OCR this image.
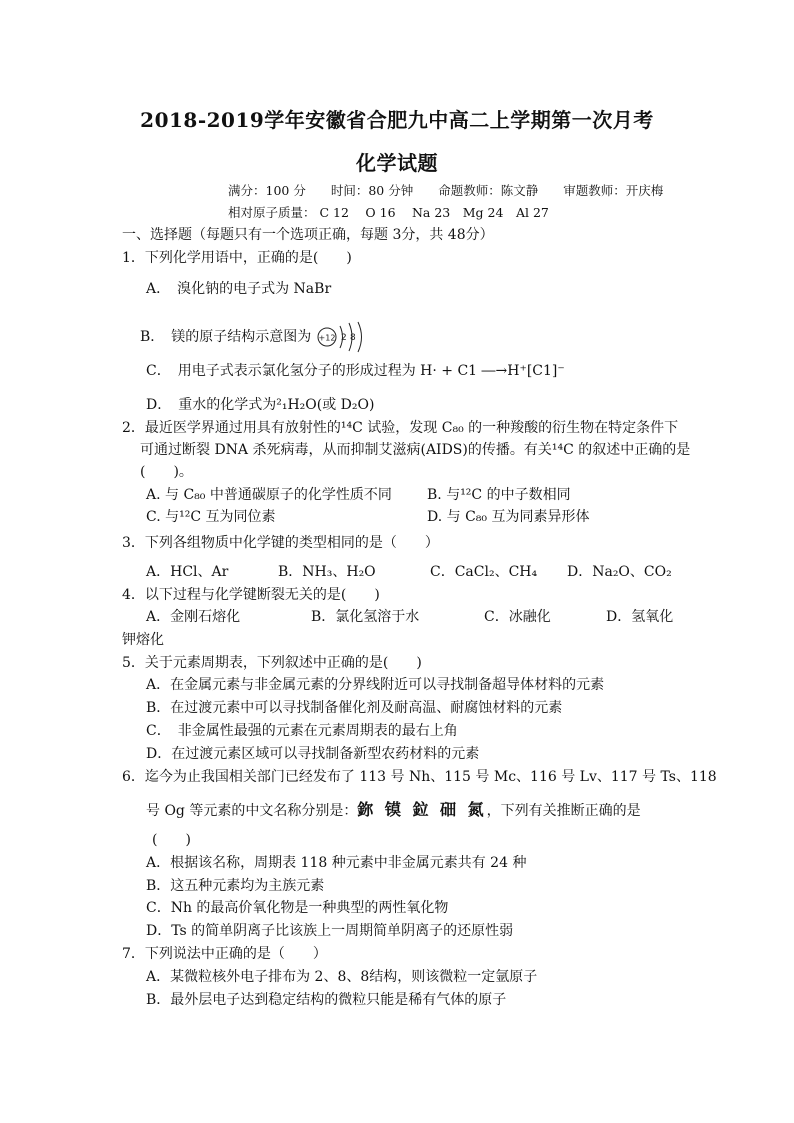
2018-2019学年安徽省合肥九中高二上学期第一次月考
化学试题
满分：100 分　　时间：80 分钟　　命题教师：陈文静　　审题教师：开庆梅
相对原子质量： C 12　 O 16　 Na 23　Mg 24　Al 27
一、选择题（每题只有一个选项正确，每题 3分，共 48分）
1．下列化学用语中，正确的是(　　)
A．　溴化钠的电子式为 NaBr
B．　镁的原子结构示意图为 +12 2 8
C．　用电子式表示氯化氢分子的形成过程为 H· + C1 ―→H⁺[C1]⁻
D．　重水的化学式为²₁H₂O(或 D₂O)
2．最近医学界通过用具有放射性的¹⁴C 试验，发现 C₈₀ 的一种羧酸的衍生物在特定条件下
可通过断裂 DNA 杀死病毒，从而抑制艾滋病(AIDS)的传播。有关¹⁴C 的叙述中正确的是
(　　)。
A. 与 C₈₀ 中普通碳原子的化学性质不同	B. 与¹²C 的中子数相同
C. 与¹²C 互为同位素	D. 与 C₈₀ 互为同素异形体
3．下列各组物质中化学键的类型相同的是（　　）
A．HCl、Ar	B．NH₃、H₂O	C．CaCl₂、CH₄ D．Na₂O、CO₂
4．以下过程与化学键断裂无关的是(　　)
A．金刚石熔化	B．氯化氢溶于水	C．冰融化	D．氢氧化
钾熔化
5．关于元素周期表，下列叙述中正确的是(　　)
A．在金属元素与非金属元素的分界线附近可以寻找制备超导体材料的元素
B．在过渡元素中可以寻找制备催化剂及耐高温、耐腐蚀材料的元素
C．　非金属性最强的元素在元素周期表的最右上角
D．在过渡元素区域可以寻找制备新型农药材料的元素
6．迄今为止我国相关部门已经发布了 113 号 Nh、115 号 Mc、116 号 Lv、117 号 Ts、118
号 Og 等元素的中文名称分别是：鉨 镆 鉝 鿬 氮，下列有关推断正确的是
(　　)
A．根据该名称，周期表 118 种元素中非金属元素共有 24 种
B．这五种元素均为主族元素
C．Nh 的最高价氧化物是一种典型的两性氧化物
D．Ts 的简单阴离子比该族上一周期简单阴离子的还原性弱
7．下列说法中正确的是（　　）
A．某微粒核外电子排布为 2、8、8结构，则该微粒一定氩原子
B．最外层电子达到稳定结构的微粒只能是稀有气体的原子
